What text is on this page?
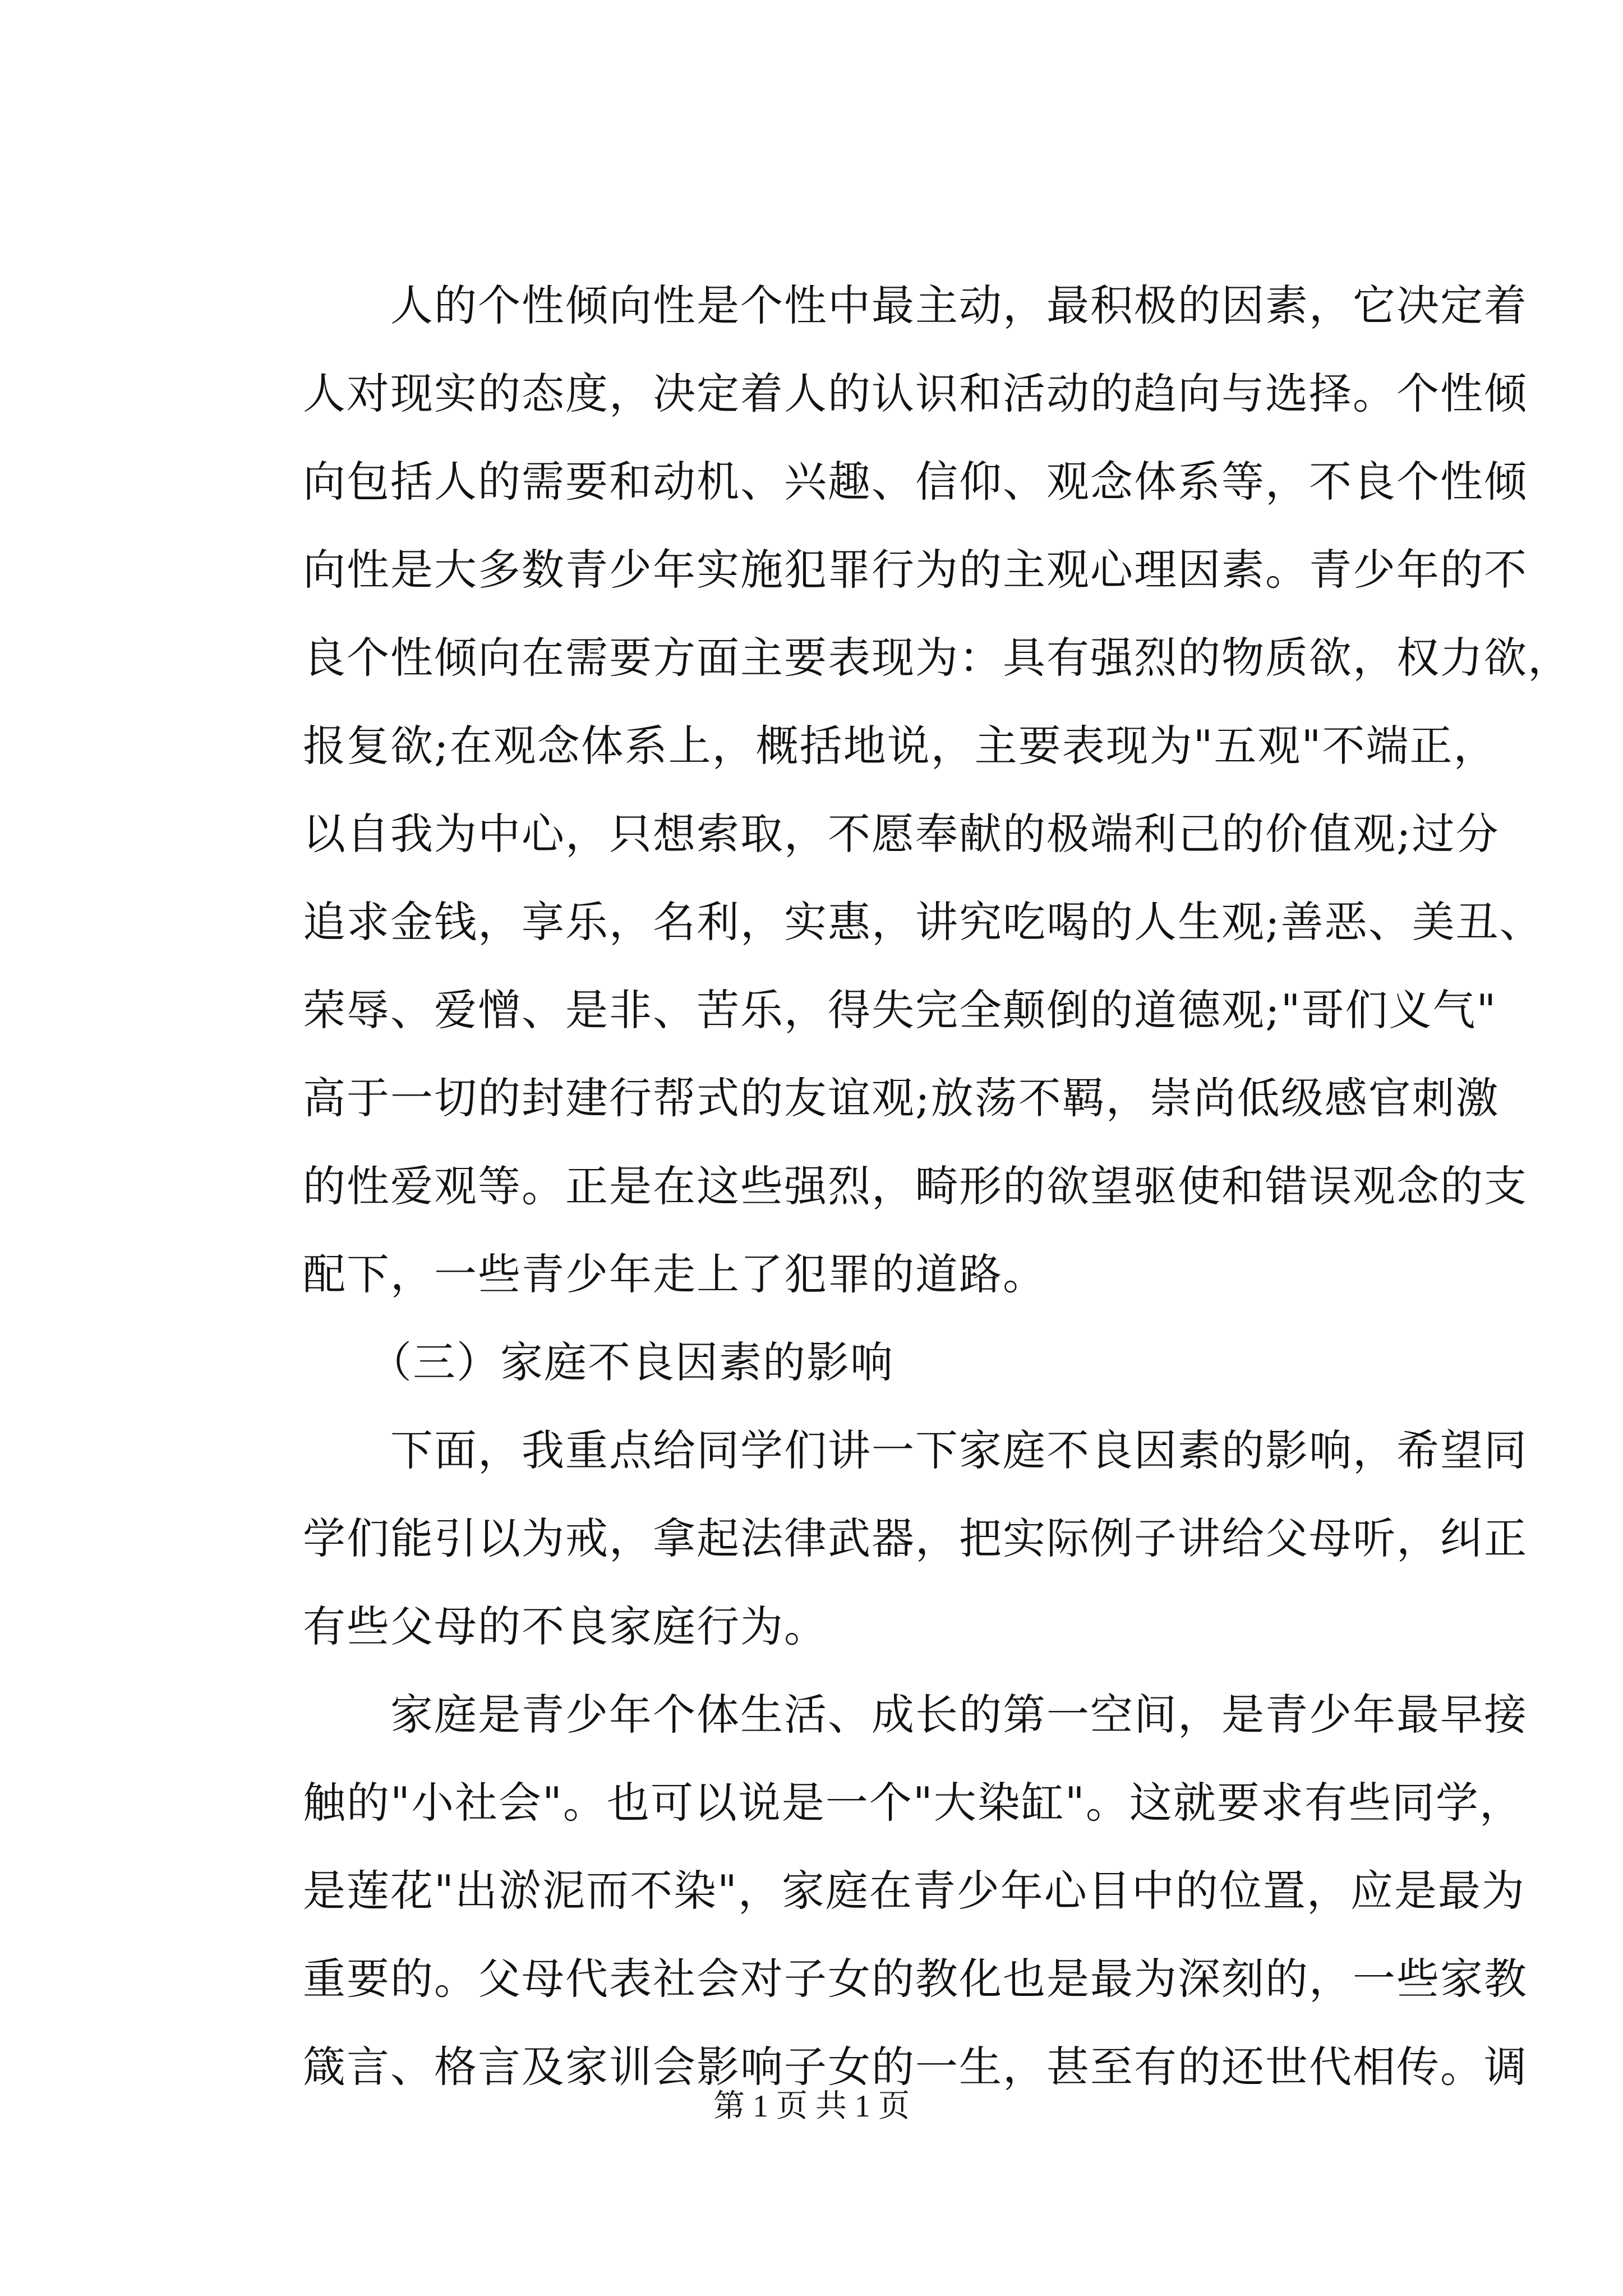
　　人的个性倾向性是个性中最主动，最积极的因素，它决定着
人对现实的态度，决定着人的认识和活动的趋向与选择。个性倾
向包括人的需要和动机、兴趣、信仰、观念体系等，不良个性倾
向性是大多数青少年实施犯罪行为的主观心理因素。青少年的不
良个性倾向在需要方面主要表现为：具有强烈的物质欲，权力欲，
报复欲;在观念体系上，概括地说，主要表现为"五观"不端正，
以自我为中心，只想索取，不愿奉献的极端利己的价值观;过分
追求金钱，享乐，名利，实惠，讲究吃喝的人生观;善恶、美丑、
荣辱、爱憎、是非、苦乐，得失完全颠倒的道德观;"哥们义气"
高于一切的封建行帮式的友谊观;放荡不羁，崇尚低级感官刺激
的性爱观等。正是在这些强烈，畸形的欲望驱使和错误观念的支
配下，一些青少年走上了犯罪的道路。
　　（三）家庭不良因素的影响
　　下面，我重点给同学们讲一下家庭不良因素的影响，希望同
学们能引以为戒，拿起法律武器，把实际例子讲给父母听，纠正
有些父母的不良家庭行为。
　　家庭是青少年个体生活、成长的第一空间，是青少年最早接
触的"小社会"。也可以说是一个"大染缸"。这就要求有些同学，
是莲花"出淤泥而不染"，家庭在青少年心目中的位置，应是最为
重要的。父母代表社会对子女的教化也是最为深刻的，一些家教
箴言、格言及家训会影响子女的一生，甚至有的还世代相传。调
第 1 页 共 1 页
